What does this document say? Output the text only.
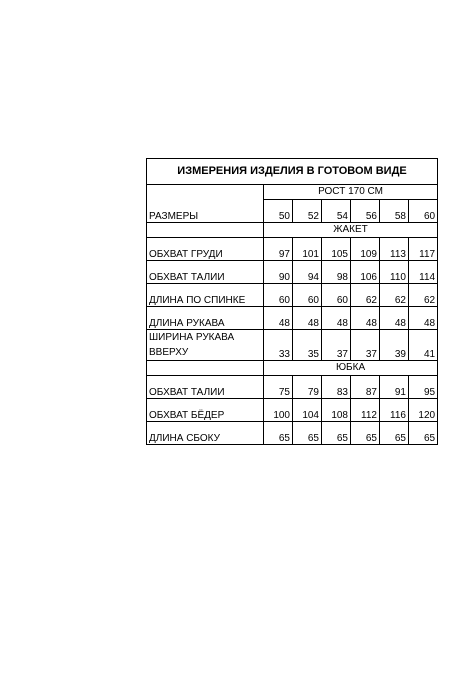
ИЗМЕРЕНИЯ ИЗДЕЛИЯ В ГОТОВОМ ВИДЕ						
РАЗМЕРЫ	РОСТ 170 СМ					
	50	52	54	56	58	60
	ЖАКЕТ					
ОБХВАТ ГРУДИ	97	101	105	109	113	117
ОБХВАТ ТАЛИИ	90	94	98	106	110	114
ДЛИНА ПО СПИНКЕ	60	60	60	62	62	62
ДЛИНА РУКАВА	48	48	48	48	48	48
ШИРИНА РУКАВА ВВЕРХУ	33	35	37	37	39	41
	ЮБКА					
ОБХВАТ ТАЛИИ	75	79	83	87	91	95
ОБХВАТ БЁДЕР	100	104	108	112	116	120
ДЛИНА СБОКУ	65	65	65	65	65	65
